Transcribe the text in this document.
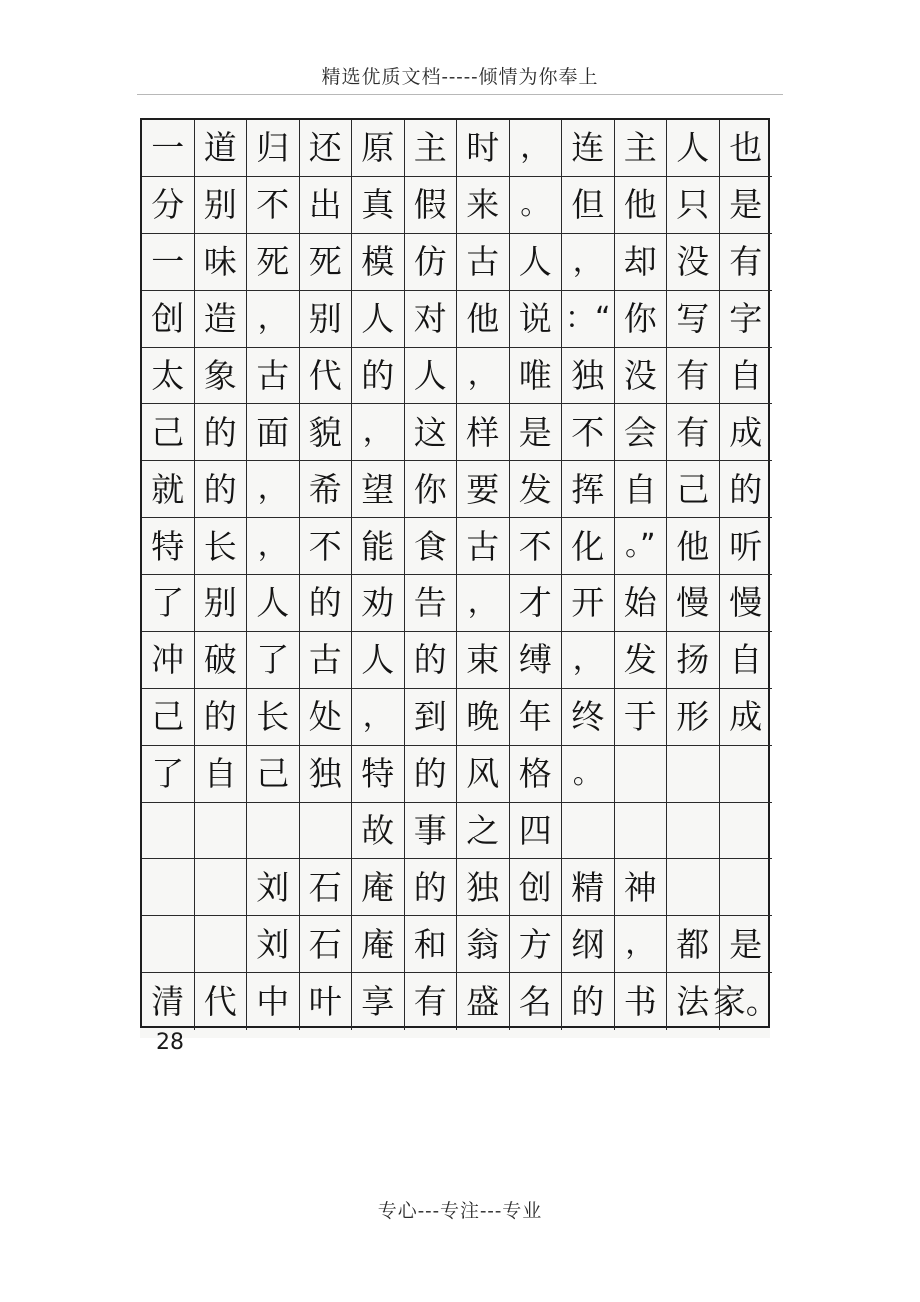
精选优质文档-----倾情为你奉上
一 道 归 还 原 主 时 ， 连 主 人 也
分 别 不 出 真 假 来 。 但 他 只 是
一 味 死 死 模 仿 古 人 ， 却 没 有
创 造 ， 别 人 对 他 说 ：“ 你 写 字
太 象 古 代 的 人 ， 唯 独 没 有 自
己 的 面 貌 ， 这 样 是 不 会 有 成
就 的 ， 希 望 你 要 发 挥 自 己 的
特 长 ， 不 能 食 古 不 化 。” 他 听
了 别 人 的 劝 告 ， 才 开 始 慢 慢
冲 破 了 古 人 的 束 缚 ， 发 扬 自
己 的 长 处 ， 到 晚 年 终 于 形 成
了 自 己 独 特 的 风 格 。
故 事 之 四
刘 石 庵 的 独 创 精 神
刘 石 庵 和 翁 方 纲 ， 都 是
清 代 中 叶 享 有 盛 名 的 书 法 家。
28
专心---专注---专业
